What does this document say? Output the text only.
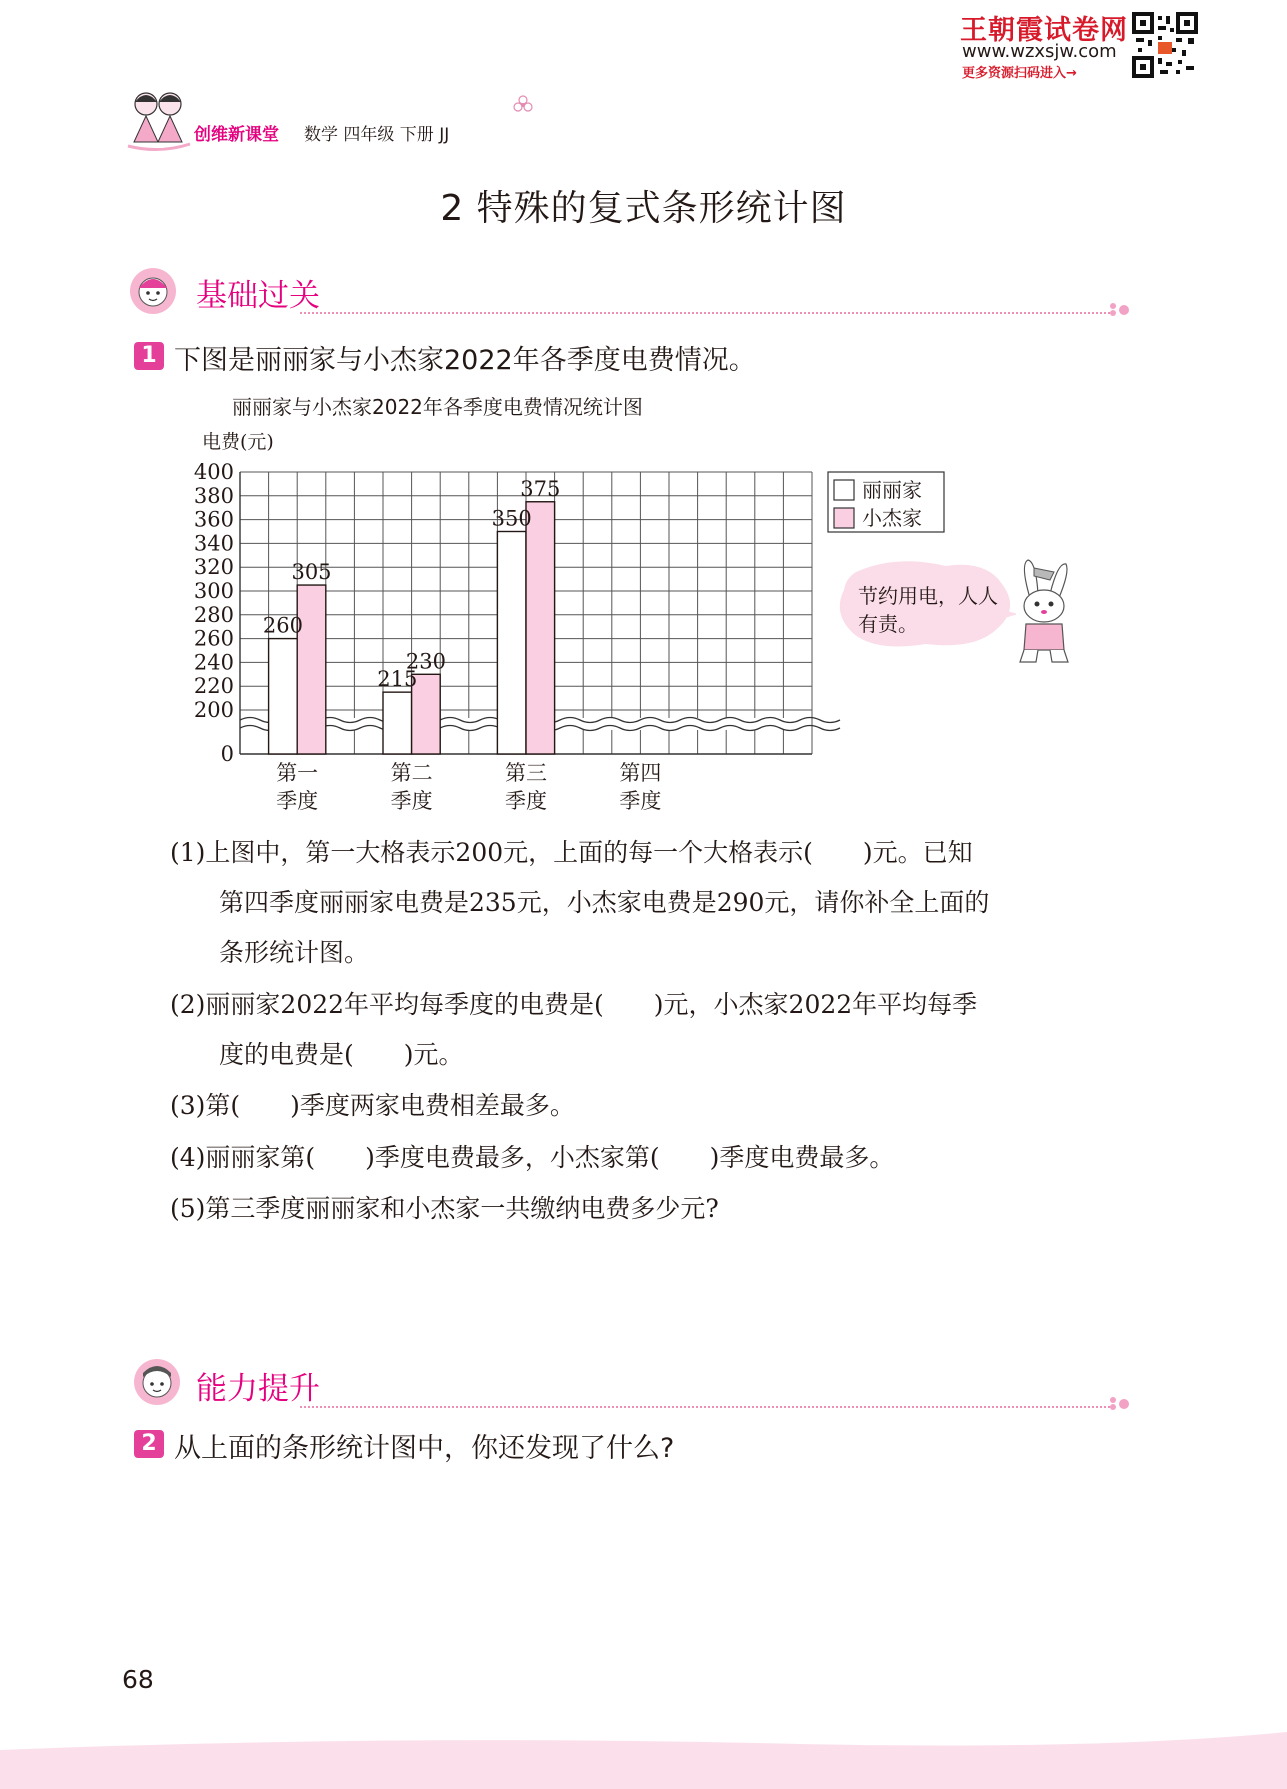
王朝霞试卷网
www.wzxsjw.com
更多资源扫码进入→
创维新课堂 数学 四年级 下册 JJ
2 特殊的复式条形统计图
基础过关
1 下图是丽丽家与小杰家2022年各季度电费情况。
丽丽家与小杰家2022年各季度电费情况统计图
电费(元)
0
200
220
240
260
280
300
320
340
360
380
400
260
215
350
305
230
375
第一
季度
第二
季度
第三
季度
第四
季度
丽丽家
小杰家
节约用电，人人有责。
(1)上图中，第一大格表示200元，上面的每一个大格表示(　　)元。已知
第四季度丽丽家电费是235元，小杰家电费是290元，请你补全上面的
条形统计图。
(2)丽丽家2022年平均每季度的电费是(　　)元，小杰家2022年平均每季
度的电费是(　　)元。
(3)第(　　)季度两家电费相差最多。
(4)丽丽家第(　　)季度电费最多，小杰家第(　　)季度电费最多。
(5)第三季度丽丽家和小杰家一共缴纳电费多少元?
能力提升
2 从上面的条形统计图中，你还发现了什么?
68
